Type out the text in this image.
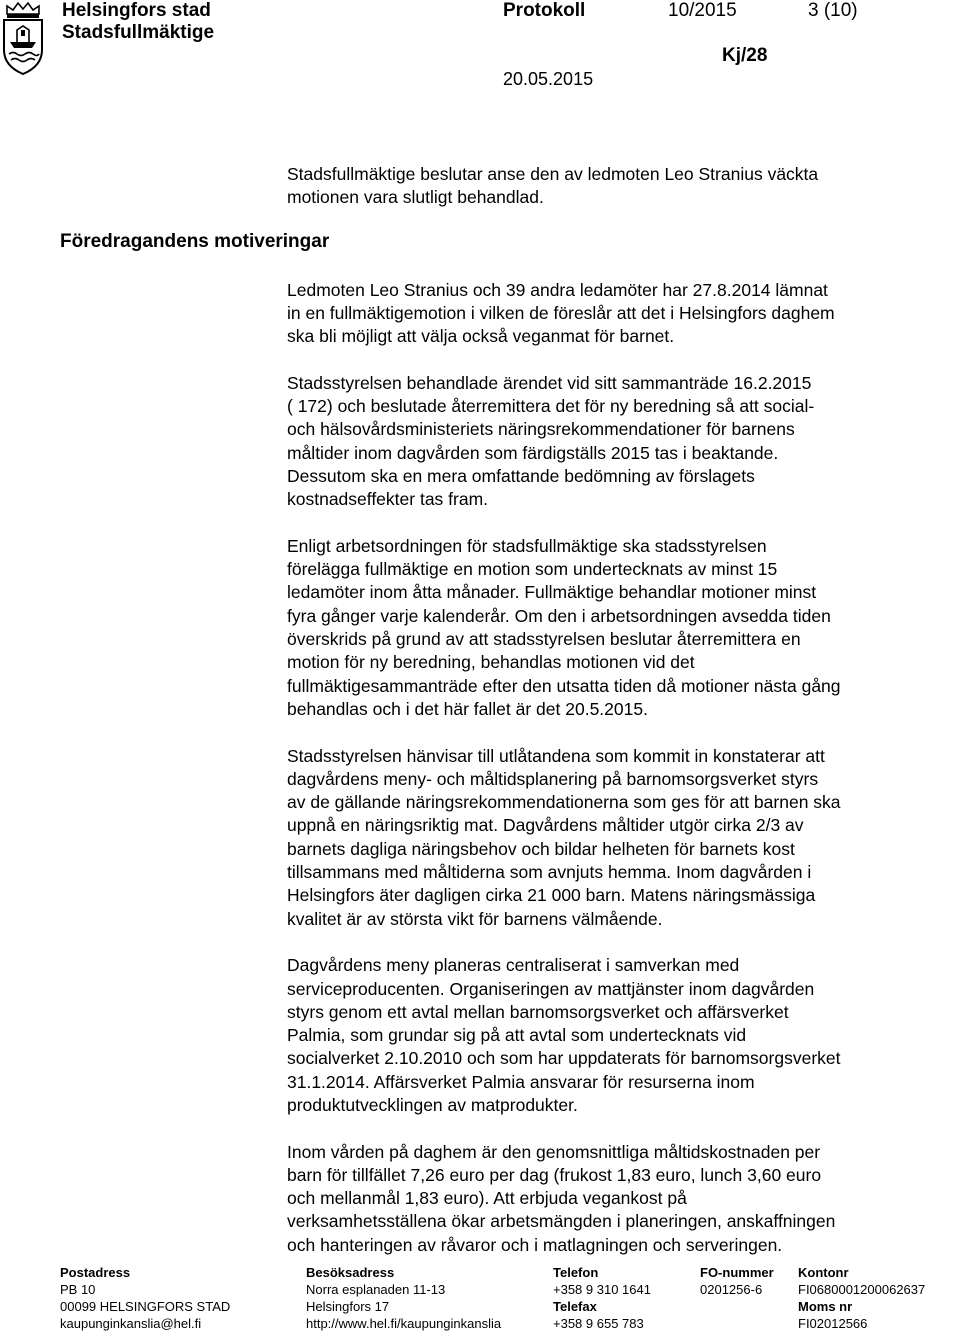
Helsingfors stad
Stadsfullmäktige
Protokoll	10/2015	3 (10)
Kj/28
20.05.2015
Föredragandens motiveringar

Stadsfullmäktige beslutar anse den av ledmoten Leo Stranius väckta
motionen vara slutligt behandlad.

Ledmoten Leo Stranius och 39 andra ledamöter har 27.8.2014 lämnat
in en fullmäktigemotion i vilken de föreslår att det i Helsingfors daghem
ska bli möjligt att välja också veganmat för barnet.

Stadsstyrelsen behandlade ärendet vid sitt sammanträde 16.2.2015
( 172) och beslutade återremittera det för ny beredning så att social-
och hälsovårdsministeriets näringsrekommendationer för barnens
måltider inom dagvården som färdigställs 2015 tas i beaktande.
Dessutom ska en mera omfattande bedömning av förslagets
kostnadseffekter tas fram.

Enligt arbetsordningen för stadsfullmäktige ska stadsstyrelsen
förelägga fullmäktige en motion som undertecknats av minst 15
ledamöter inom åtta månader. Fullmäktige behandlar motioner minst
fyra gånger varje kalenderår. Om den i arbetsordningen avsedda tiden
överskrids på grund av att stadsstyrelsen beslutar återremittera en
motion för ny beredning, behandlas motionen vid det
fullmäktigesammanträde efter den utsatta tiden då motioner nästa gång
behandlas och i det här fallet är det 20.5.2015.

Stadsstyrelsen hänvisar till utlåtandena som kommit in konstaterar att
dagvårdens meny- och måltidsplanering på barnomsorgsverket styrs
av de gällande näringsrekommendationerna som ges för att barnen ska
uppnå en näringsriktig mat. Dagvårdens måltider utgör cirka 2/3 av
barnets dagliga näringsbehov och bildar helheten för barnets kost
tillsammans med måltiderna som avnjuts hemma. Inom dagvården i
Helsingfors äter dagligen cirka 21 000 barn. Matens näringsmässiga
kvalitet är av största vikt för barnens välmående.

Dagvårdens meny planeras centraliserat i samverkan med
serviceproducenten. Organiseringen av mattjänster inom dagvården
styrs genom ett avtal mellan barnomsorgsverket och affärsverket
Palmia, som grundar sig på att avtal som undertecknats vid
socialverket 2.10.2010 och som har uppdaterats för barnomsorgsverket
31.1.2014. Affärsverket Palmia ansvarar för resurserna inom
produktutvecklingen av matprodukter.

Inom vården på daghem är den genomsnittliga måltidskostnaden per
barn för tillfället 7,26 euro per dag (frukost 1,83 euro, lunch 3,60 euro
och mellanmål 1,83 euro). Att erbjuda vegankost på
verksamhetsställena ökar arbetsmängden i planeringen, anskaffningen
och hanteringen av råvaror och i matlagningen och serveringen.

Postadress
PB 10
00099 HELSINGFORS STAD
kaupunginkanslia@hel.fi
Besöksadress
Norra esplanaden 11-13
Helsingfors 17
http://www.hel.fi/kaupunginkanslia
Telefon
+358 9 310 1641
Telefax
+358 9 655 783
FO-nummer
0201256-6
Kontonr
FI0680001200062637
Moms nr
FI02012566
